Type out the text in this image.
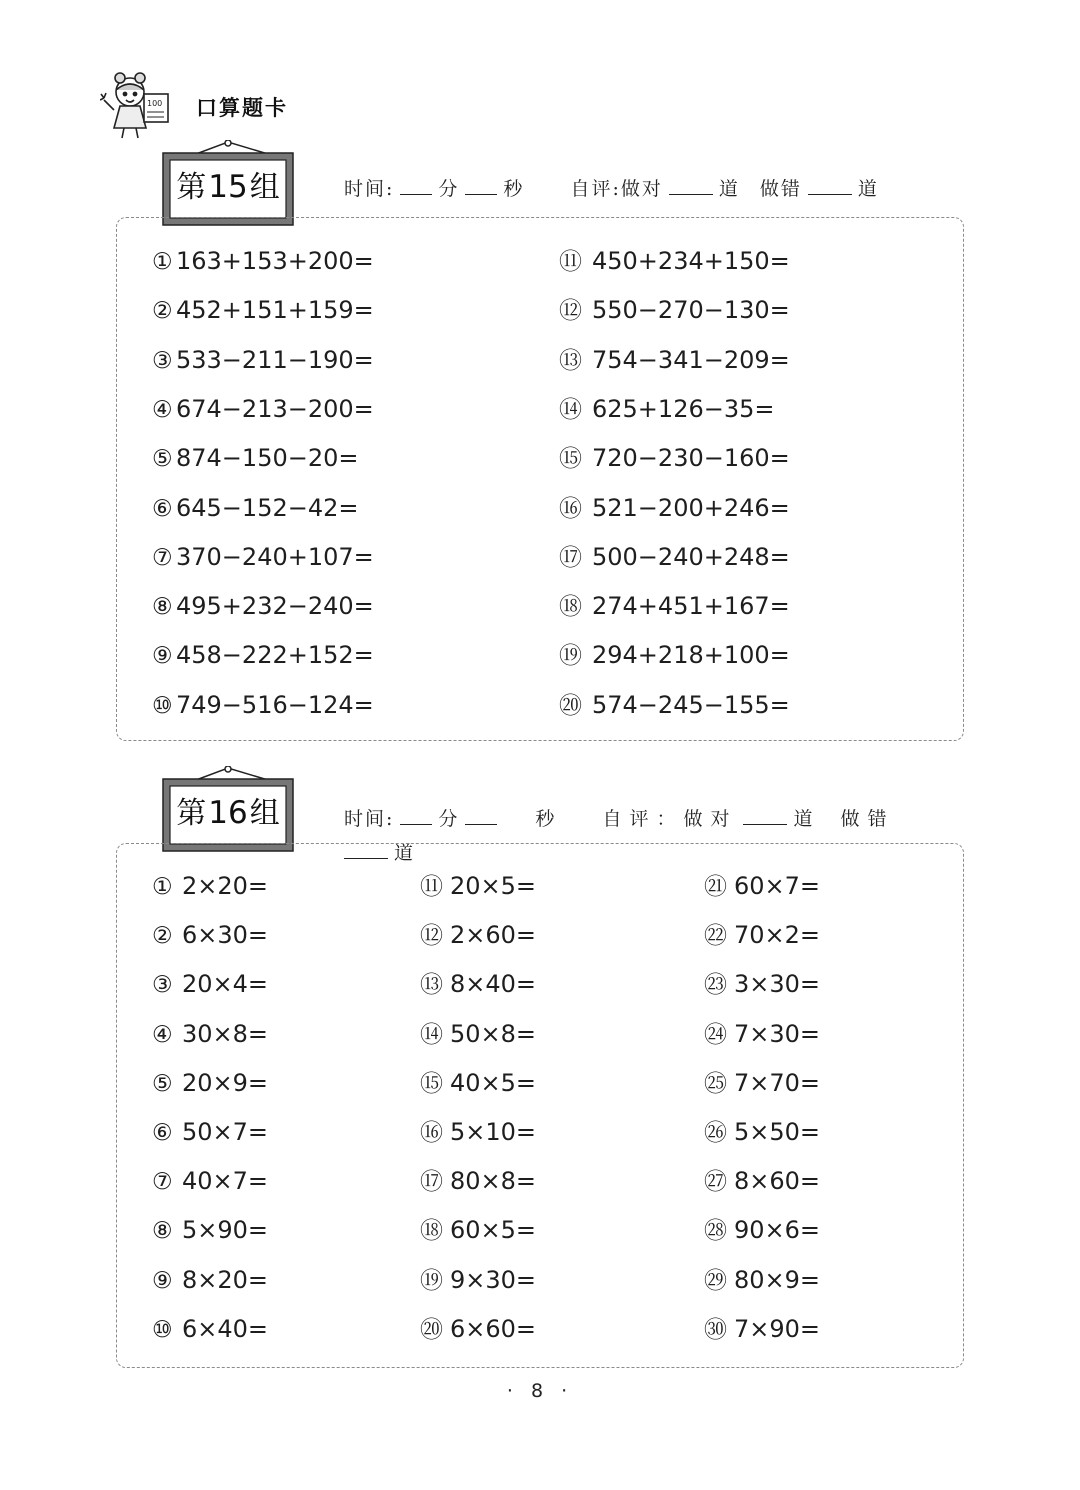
100 口算题卡
第15组	时间: 分 秒 自评:做对	道 做错	道
① 163+153+200=
② 452+151+159=
③ 533−211−190=
④ 674−213−200=
⑤ 874−150−20=
⑥ 645−152−42=
⑦ 370−240+107=
⑧ 495+232−240=
⑨ 458−222+152=
⑩ 749−516−124=
⑪ 450+234+150=
⑫ 550−270−130=
⑬ 754−341−209=
⑭ 625+126−35=
⑮ 720−230−160=
⑯ 521−200+246=
⑰ 500−240+248=
⑱ 274+451+167=
⑲ 294+218+100=
⑳ 574−245−155=
第16组	时间: 分	秒 自评：做对	道 做错
道
① 2×20=
② 6×30=
③ 20×4=
④ 30×8=
⑤ 20×9=
⑥ 50×7=
⑦ 40×7=
⑧ 5×90=
⑨ 8×20=
⑩ 6×40=
⑪ 20×5=
⑫ 2×60=
⑬ 8×40=
⑭ 50×8=
⑮ 40×5=
⑯ 5×10=
⑰ 80×8=
⑱ 60×5=
⑲ 9×30=
⑳ 6×60=
㉑ 60×7=
㉒ 70×2=
㉓ 3×30=
㉔ 7×30=
㉕ 7×70=
㉖ 5×50=
㉗ 8×60=
㉘ 90×6=
㉙ 80×9=
㉚ 7×90=
· 8 ·
